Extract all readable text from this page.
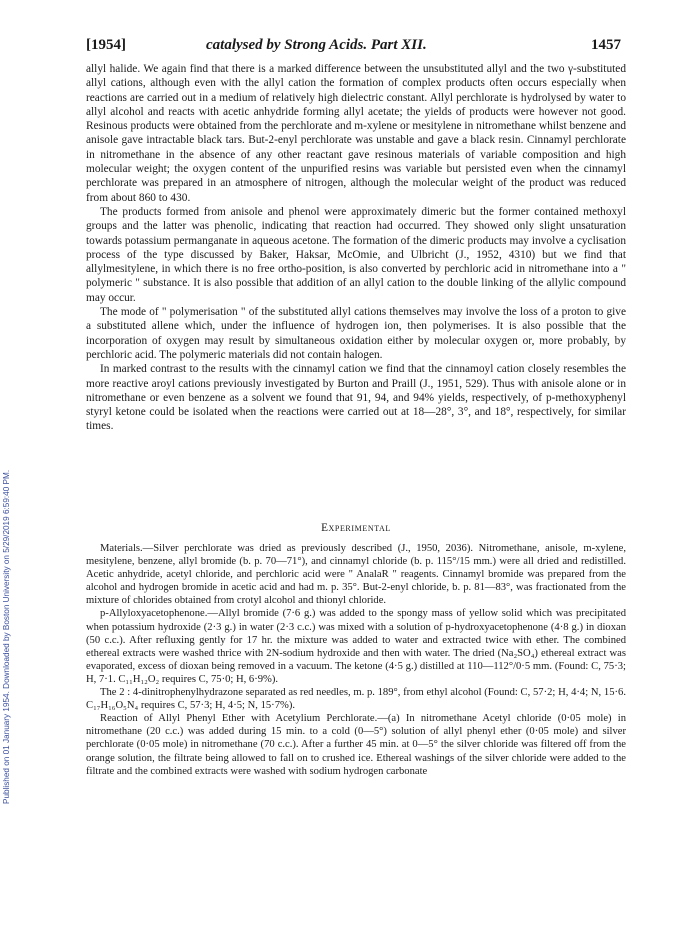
[1954]	catalysed by Strong Acids. Part XII.	1457
Published on 01 January 1954. Downloaded by Boston University on 5/29/2019 6:59:40 PM.

allyl halide. We again find that there is a marked difference between the unsubstituted allyl and the two γ-substituted allyl cations, although even with the allyl cation the formation of complex products often occurs especially when reactions are carried out in a medium of relatively high dielectric constant. Allyl perchlorate is hydrolysed by water to allyl alcohol and reacts with acetic anhydride forming allyl acetate; the yields of products were however not good. Resinous products were obtained from the perchlorate and m-xylene or mesitylene in nitromethane whilst benzene and anisole gave intractable black tars. But-2-enyl perchlorate was unstable and gave a black resin. Cinnamyl perchlorate in nitromethane in the absence of any other reactant gave resinous materials of variable composition and high molecular weight; the oxygen content of the unpurified resins was variable but persisted even when the cinnamyl perchlorate was prepared in an atmosphere of nitrogen, although the molecular weight of the product was reduced from about 860 to 430.

The products formed from anisole and phenol were approximately dimeric but the former contained methoxyl groups and the latter was phenolic, indicating that reaction had occurred. They showed only slight unsaturation towards potassium permanganate in aqueous acetone. The formation of the dimeric products may involve a cyclisation process of the type discussed by Baker, Haksar, McOmie, and Ulbricht (J., 1952, 4310) but we find that allylmesitylene, in which there is no free ortho-position, is also converted by perchloric acid in nitromethane into a " polymeric " substance. It is also possible that addition of an allyl cation to the double linking of the allylic compound may occur.

The mode of " polymerisation " of the substituted allyl cations themselves may involve the loss of a proton to give a substituted allene which, under the influence of hydrogen ion, then polymerises. It is also possible that the incorporation of oxygen may result by simultaneous oxidation either by molecular oxygen or, more probably, by perchloric acid. The polymeric materials did not contain halogen.

In marked contrast to the results with the cinnamyl cation we find that the cinnamoyl cation closely resembles the more reactive aroyl cations previously investigated by Burton and Praill (J., 1951, 529). Thus with anisole alone or in nitromethane or even benzene as a solvent we found that 91, 94, and 94% yields, respectively, of p-methoxyphenyl styryl ketone could be isolated when the reactions were carried out at 18—28°, 3°, and 18°, respectively, for similar times.

Experimental

Materials.—Silver perchlorate was dried as previously described (J., 1950, 2036). Nitromethane, anisole, m-xylene, mesitylene, benzene, allyl bromide (b. p. 70—71°), and cinnamyl chloride (b. p. 115°/15 mm.) were all dried and redistilled. Acetic anhydride, acetyl chloride, and perchloric acid were " AnalaR " reagents. Cinnamyl bromide was prepared from the alcohol and hydrogen bromide in acetic acid and had m. p. 35°. But-2-enyl chloride, b. p. 81—83°, was fractionated from the mixture of chlorides obtained from crotyl alcohol and thionyl chloride.

p-Allyloxyacetophenone.—Allyl bromide (7·6 g.) was added to the spongy mass of yellow solid which was precipitated when potassium hydroxide (2·3 g.) in water (2·3 c.c.) was mixed with a solution of p-hydroxyacetophenone (4·8 g.) in dioxan (50 c.c.). After refluxing gently for 17 hr. the mixture was added to water and extracted twice with ether. The combined ethereal extracts were washed thrice with 2N-sodium hydroxide and then with water. The dried (Na₂SO₄) ethereal extract was evaporated, excess of dioxan being removed in a vacuum. The ketone (4·5 g.) distilled at 110—112°/0·5 mm. (Found: C, 75·3; H, 7·1. C₁₁H₁₂O₂ requires C, 75·0; H, 6·9%).

The 2 : 4-dinitrophenylhydrazone separated as red needles, m. p. 189°, from ethyl alcohol (Found: C, 57·2; H, 4·4; N, 15·6. C₁₇H₁₆O₅N₄ requires C, 57·3; H, 4·5; N, 15·7%).

Reaction of Allyl Phenyl Ether with Acetylium Perchlorate.—(a) In nitromethane Acetyl chloride (0·05 mole) in nitromethane (20 c.c.) was added during 15 min. to a cold (0—5°) solution of allyl phenyl ether (0·05 mole) and silver perchlorate (0·05 mole) in nitromethane (70 c.c.). After a further 45 min. at 0—5° the silver chloride was filtered off from the orange solution, the filtrate being allowed to fall on to crushed ice. Ethereal washings of the silver chloride were added to the filtrate and the combined extracts were washed with sodium hydrogen carbonate
